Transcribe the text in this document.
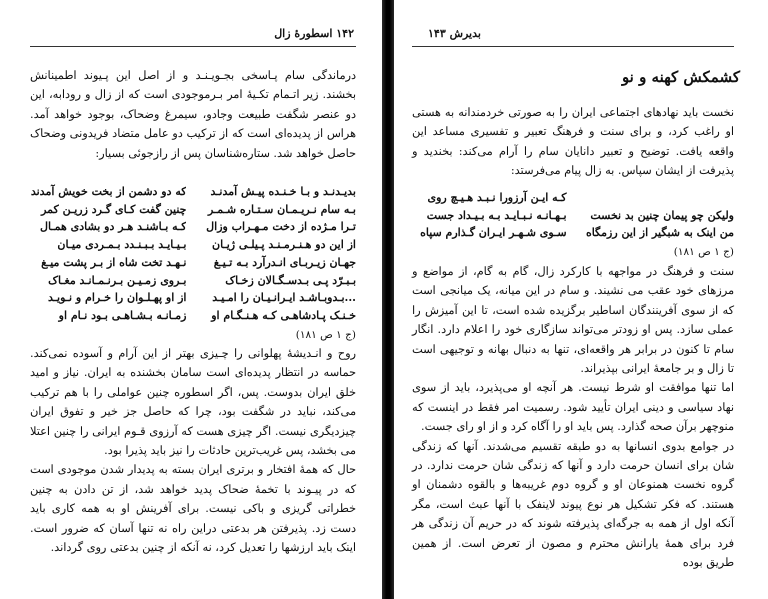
۱۴۲ اسطورهٔ زال
درماندگی سام پـاسخی بجـویـنـد و از اصل این پـیوند اطمینانش بخشند. زیر اتـمام تکـیهٔ امر بـرموجودی است که از زال و رودابه، این دو عنصر شگفت طبیعت وجادو، سیمرغ وضحاک، بوجود خواهد آمد. هراس از پدیده‌ای است که از ترکیب دو عامل متضاد فریدونی وضحاک حاصل خواهد شد. ستاره‌شناسان پس از رازجوئی بسیار:
بدیـدنـد و بـا خـنـده پیـش آمدنـد
که دو دشمن از بخت خویش آمدند
بـه سام نـریـمـان سـتـاره شـمـر
چنین گفت کـای گـرد زریـن کمر
تـرا مـژده از دخت مـهـراب وزال
کـه بـاشنـد هـر دو بشادی همـال
از این دو هـنـرمـنـد پـیلـی ژیـان
بـیـایـد بـبـنـدد بـمـردی میـان
جهـان زیـربـای انـدرآرد بـه تـیـغ
نـهـد تخت شاه از بـر پشت میـغ
بـبـرّد پـی بـدسـگـالان زخـاک
بـروی زمـیـن بـرنـمـانـد مغـاک
...بـدوبـاشـد ایـرانـیـان را امـیـد
از او پهـلـوان را خـرام و نـویـد
خـنـک پـادشاهـی کـه هـنـگـام او
زمـانـه بـشـاهـی بـود نـام او
(ج ۱ ص ۱۸۱)
روح و انـدیشهٔ پهلوانی را چـیزی بهتر از این آرام و آسوده نمی‌کند. حماسه در انتظار پدیده‌ای است سامان بخشنده به ایران. نیاز و امید خلق ایران بدوست. پس، اگر اسطوره چنین عواملی را با هم ترکیب می‌کند، نباید در شگفت بود، چرا که حاصل جز خیر و تفوق ایران چیزدیگری نیست. اگر چیزی هست که آرزوی قـوم ایرانی را چنین اعتلا می بخشد، پس غریب‌ترین حادثات را نیز باید پذیرا بود.
حال که همهٔ افتخار و برتری ایران بسته به پدیدار شدن موجودی است که در پیـوند با تخمهٔ ضحاک پدید خواهد شد، از تن دادن به چنین خطراتی گریزی و باکی نیست. برای آفرینش او به همه کاری باید دست زد. پذیرفتن هر بدعتی دراین راه نه تنها آسان که ضرور است. اینک باید ارزشها را تعدیل کرد، نه آنکه از چنین بدعتی روی گرداند.
بدیرش ۱۴۳
کشمکش کهنه و نو
نخست باید نهادهای اجتماعی ایران را به صورتی خردمندانه به هستی او راغب کرد، و برای سنت و فرهنگ تعبیر و تفسیری مساعد این واقعه یافت. توضیح و تعبیر دانایان سام را آرام می‌کند: بخندید و پذیرفت از ایشان سپاس. به زال پیام می‌فرستد:
کـه ایـن آرزورا نـبـد هـیـچ روی
ولیکن چو پیمان چنین بد نخست
بـهـانـه نـبـایـد بـه بـیـداد جست
من اینک به شبگیر از این رزمگاه
سـوی شـهـر ایـران گـذارم سپاه
(ج ۱ ص ۱۸۱)
سنت و فرهنگ در مواجهه با کارکرد زال، گام به گام، از مواضع و مرزهای خود عقب می نشیند. و سام در این میانه، یک میانجی است که از سوی آفرینندگان اساطیر برگزیده شده است، تا این آمیزش را عملی سازد. پس او زودتر می‌تواند سازگاری خود را اعلام دارد. انگار سام تا کنون در برابر هر واقعه‌ای، تنها به دنبال بهانه و توجیهی است تا زال و بر جامعهٔ ایرانی بپذیراند.
اما تنها موافقت او شرط نیست. هر آنچه او می‌پذیرد، باید از سوی نهاد سیاسی و دینی ایران تأیید شود. رسمیت امر فقط در اینست که منوچهر برآن صحه گذارد. پس باید او را آگاه کرد و از او رای جست.
در جوامع بدوی انسانها به دو طبقه تقسیم می‌شدند. آنها که زندگی شان برای انسان حرمت دارد و آنها که زندگی شان حرمت ندارد. در گروه نخست همنوعان او و گروه دوم غریبه‌ها و بالقوه دشمنان او هستند. که فکر تشکیل هر نوع پیوند لاینفک با آنها عبث است، مگر آنکه اول از همه به جرگه‌ای پذیرفته شوند که در حریم آن زندگی هر فرد برای همهٔ یارانش محترم و مصون از تعرض است. از همین طریق بوده
